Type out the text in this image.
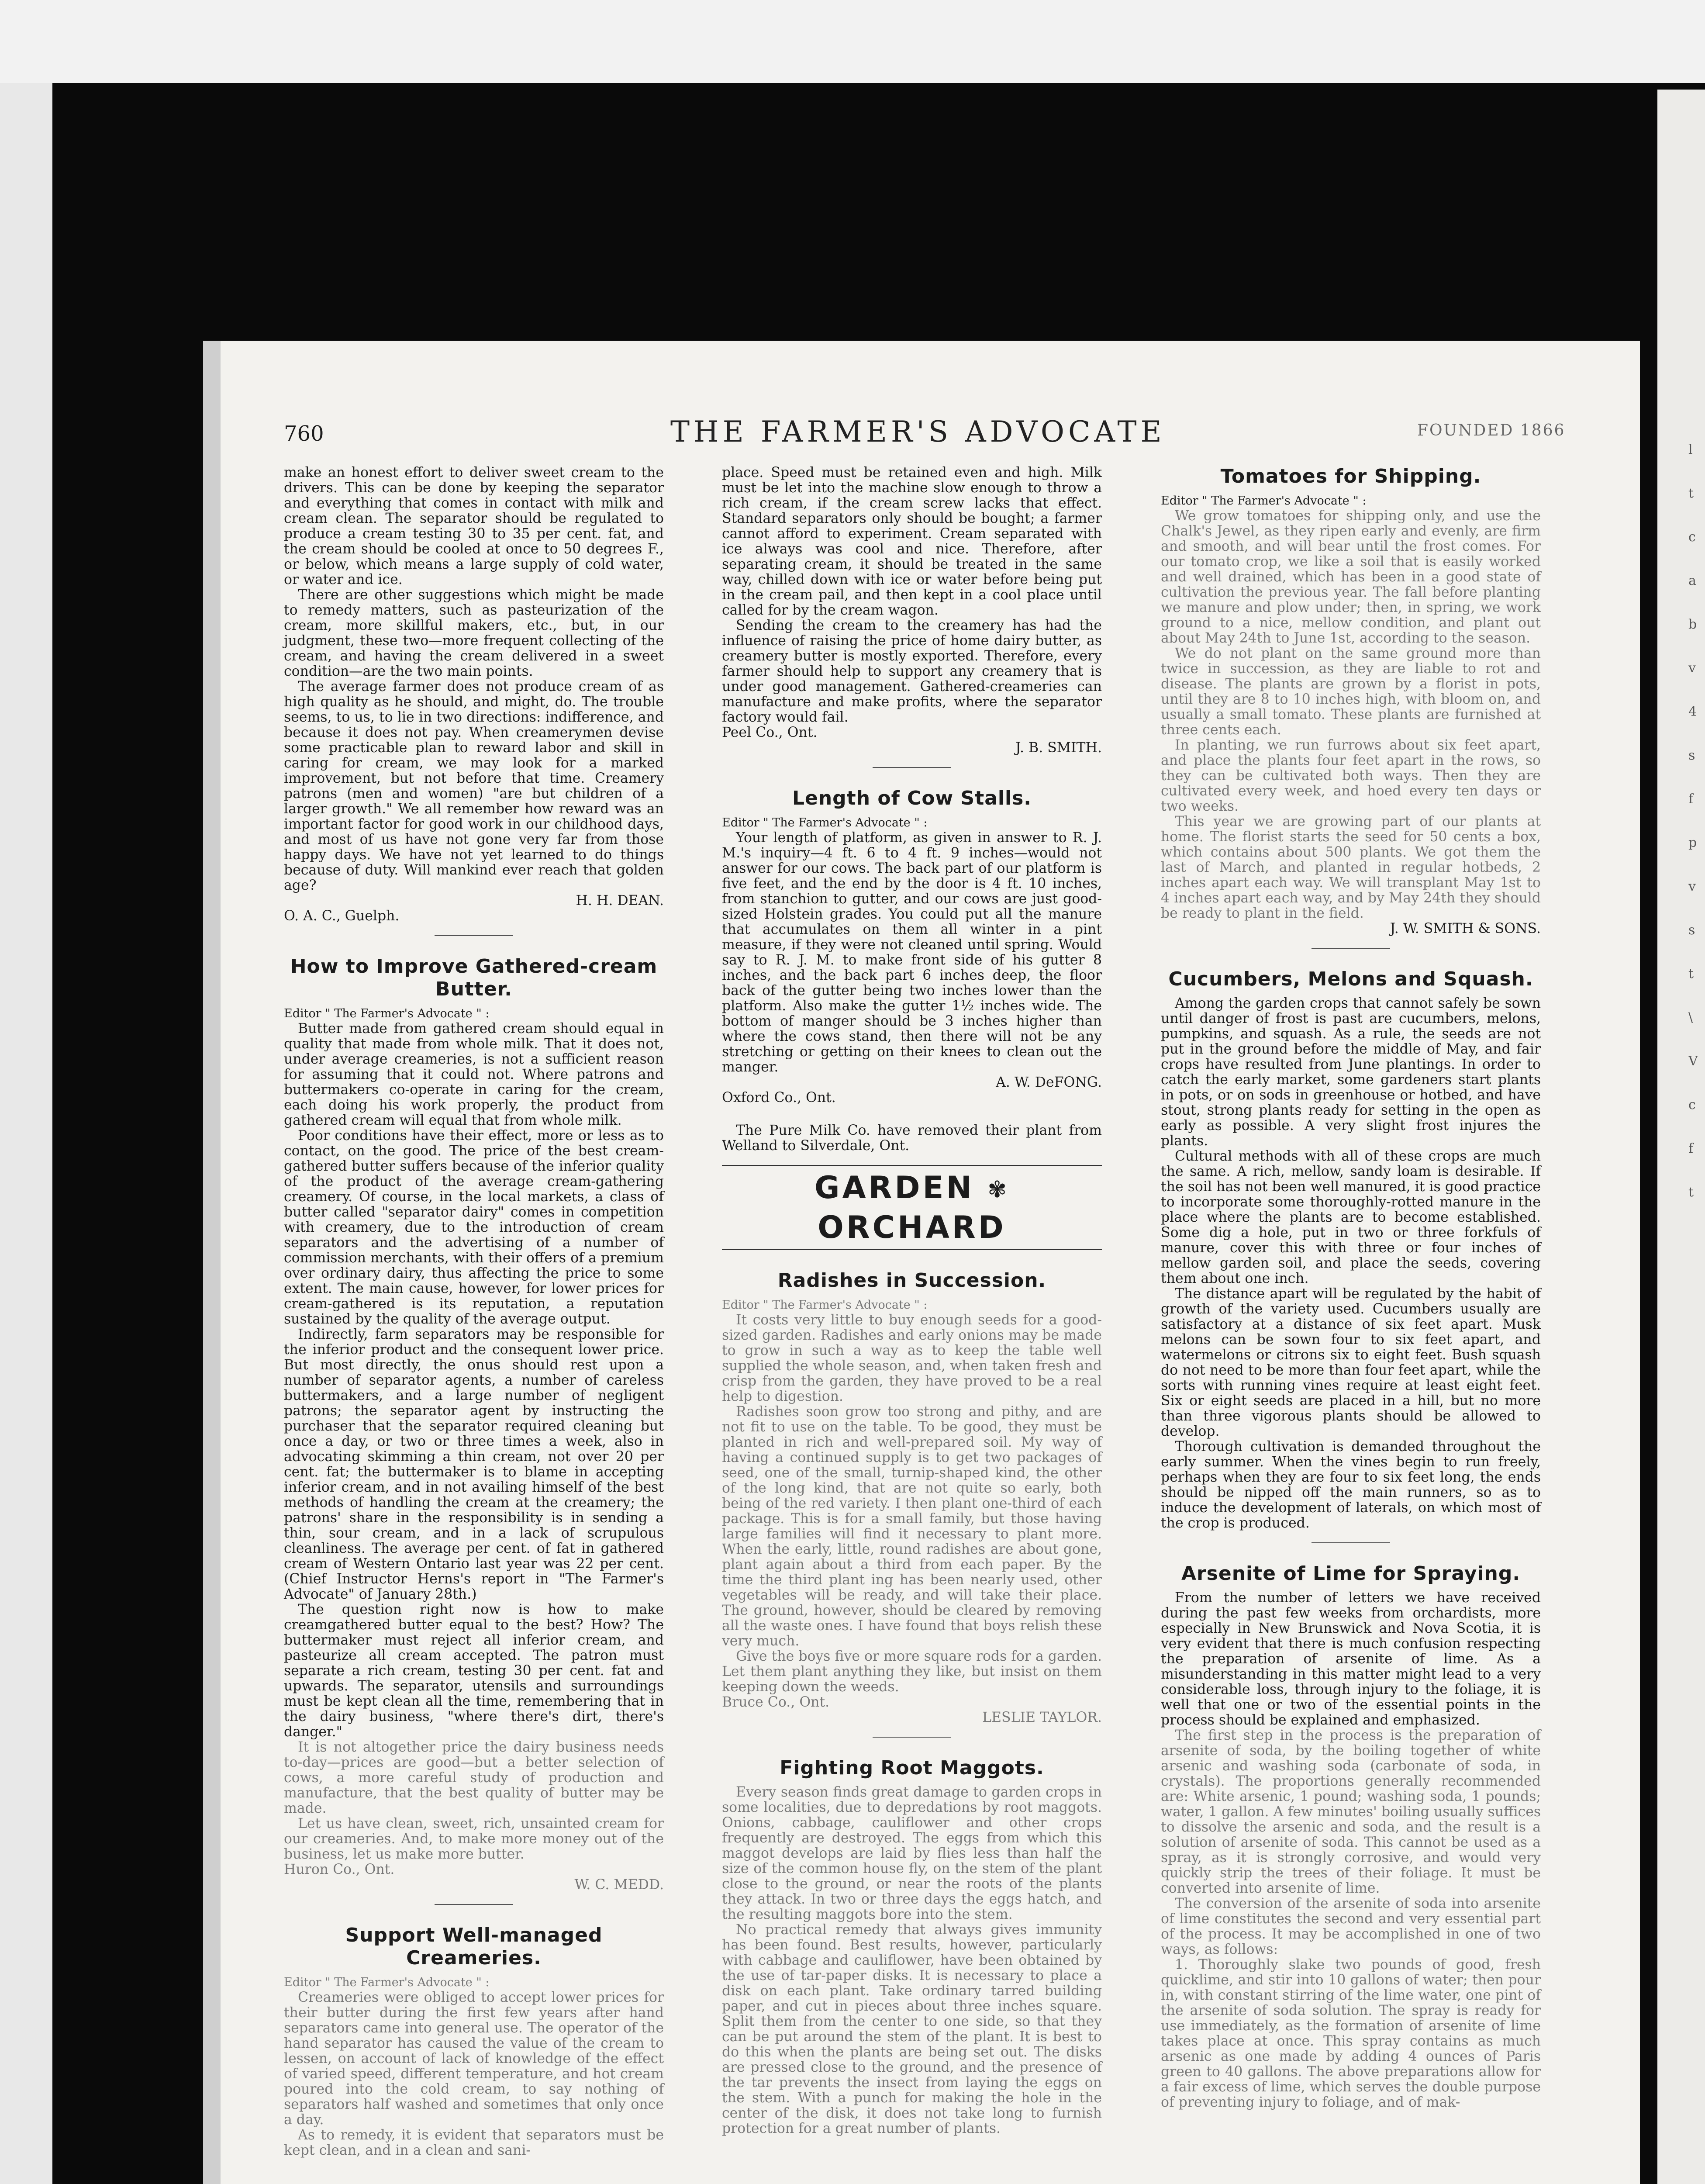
l
t
c
a
b
v
4
s
f
p
v
s
t
\
V
c
f
t
760	THE FARMER'S ADVOCATE	FOUNDED 1866

make an honest effort to deliver sweet cream to the drivers. This can be done by keeping the separator and everything that comes in contact with milk and cream clean. The separator should be regulated to produce a cream testing 30 to 35 per cent. fat, and the cream should be cooled at once to 50 degrees F., or below, which means a large supply of cold water, or water and ice.

There are other suggestions which might be made to remedy matters, such as pasteurization of the cream, more skillful makers, etc., but, in our judgment, these two—more frequent collecting of the cream, and having the cream delivered in a sweet condition—are the two main points.

The average farmer does not produce cream of as high quality as he should, and might, do. The trouble seems, to us, to lie in two directions: indifference, and because it does not pay. When creamerymen devise some practicable plan to reward labor and skill in caring for cream, we may look for a marked improvement, but not before that time. Creamery patrons (men and women) "are but children of a larger growth." We all remember how reward was an important factor for good work in our childhood days, and most of us have not gone very far from those happy days. We have not yet learned to do things because of duty. Will mankind ever reach that golden age?

H. H. DEAN.

O. A. C., Guelph.

How to Improve Gathered-cream Butter.

Editor " The Farmer's Advocate " :

Butter made from gathered cream should equal in quality that made from whole milk. That it does not, under average creameries, is not a sufficient reason for assuming that it could not. Where patrons and buttermakers co-operate in caring for the cream, each doing his work properly, the product from gathered cream will equal that from whole milk.

Poor conditions have their effect, more or less as to contact, on the good. The price of the best cream-gathered butter suffers because of the inferior quality of the product of the average cream-gathering creamery. Of course, in the local markets, a class of butter called "separator dairy" comes in competition with creamery, due to the introduction of cream separators and the advertising of a number of commission merchants, with their offers of a premium over ordinary dairy, thus affecting the price to some extent. The main cause, however, for lower prices for cream-gathered is its reputation, a reputation sustained by the quality of the average output.

Indirectly, farm separators may be responsible for the inferior product and the consequent lower price. But most directly, the onus should rest upon a number of separator agents, a number of careless buttermakers, and a large number of negligent patrons; the separator agent by instructing the purchaser that the separator required cleaning but once a day, or two or three times a week, also in advocating skimming a thin cream, not over 20 per cent. fat; the buttermaker is to blame in accepting inferior cream, and in not availing himself of the best methods of handling the cream at the creamery; the patrons' share in the responsibility is in sending a thin, sour cream, and in a lack of scrupulous cleanliness. The average per cent. of fat in gathered cream of Western Ontario last year was 22 per cent. (Chief Instructor Herns's report in "The Farmer's Advocate" of January 28th.)

The question right now is how to make creamgathered butter equal to the best? How? The buttermaker must reject all inferior cream, and pasteurize all cream accepted. The patron must separate a rich cream, testing 30 per cent. fat and upwards. The separator, utensils and surroundings must be kept clean all the time, remembering that in the dairy business, "where there's dirt, there's danger."

It is not altogether price the dairy business needs to-day—prices are good—but a better selection of cows, a more careful study of production and manufacture, that the best quality of butter may be made.

Let us have clean, sweet, rich, unsainted cream for our creameries. And, to make more money out of the business, let us make more butter.

Huron Co., Ont.

W. C. MEDD.

Support Well-managed Creameries.

Editor " The Farmer's Advocate " :

Creameries were obliged to accept lower prices for their butter during the first few years after hand separators came into general use. The operator of the hand separator has caused the value of the cream to lessen, on account of lack of knowledge of the effect of varied speed, different temperature, and hot cream poured into the cold cream, to say nothing of separators half washed and sometimes that only once a day.

As to remedy, it is evident that separators must be kept clean, and in a clean and sani-

place. Speed must be retained even and high. Milk must be let into the machine slow enough to throw a rich cream, if the cream screw lacks that effect. Standard separators only should be bought; a farmer cannot afford to experiment. Cream separated with ice always was cool and nice. Therefore, after separating cream, it should be treated in the same way, chilled down with ice or water before being put in the cream pail, and then kept in a cool place until called for by the cream wagon.

Sending the cream to the creamery has had the influence of raising the price of home dairy butter, as creamery butter is mostly exported. Therefore, every farmer should help to support any creamery that is under good management. Gathered-creameries can manufacture and make profits, where the separator factory would fail.

Peel Co., Ont.

J. B. SMITH.

Length of Cow Stalls.

Editor " The Farmer's Advocate " :

Your length of platform, as given in answer to R. J. M.'s inquiry—4 ft. 6 to 4 ft. 9 inches—would not answer for our cows. The back part of our platform is five feet, and the end by the door is 4 ft. 10 inches, from stanchion to gutter, and our cows are just good-sized Holstein grades. You could put all the manure that accumulates on them all winter in a pint measure, if they were not cleaned until spring. Would say to R. J. M. to make front side of his gutter 8 inches, and the back part 6 inches deep, the floor back of the gutter being two inches lower than the platform. Also make the gutter 1½ inches wide. The bottom of manger should be 3 inches higher than where the cows stand, then there will not be any stretching or getting on their knees to clean out the manger.

A. W. DeFONG.

Oxford Co., Ont.

The Pure Milk Co. have removed their plant from Welland to Silverdale, Ont.

GARDEN ✾ ORCHARD
Radishes in Succession.

Editor " The Farmer's Advocate " :

It costs very little to buy enough seeds for a good-sized garden. Radishes and early onions may be made to grow in such a way as to keep the table well supplied the whole season, and, when taken fresh and crisp from the garden, they have proved to be a real help to digestion.

Radishes soon grow too strong and pithy, and are not fit to use on the table. To be good, they must be planted in rich and well-prepared soil. My way of having a continued supply is to get two packages of seed, one of the small, turnip-shaped kind, the other of the long kind, that are not quite so early, both being of the red variety. I then plant one-third of each package. This is for a small family, but those having large families will find it necessary to plant more. When the early, little, round radishes are about gone, plant again about a third from each paper. By the time the third plant ing has been nearly used, other vegetables will be ready, and will take their place. The ground, however, should be cleared by removing all the waste ones. I have found that boys relish these very much.

Give the boys five or more square rods for a garden. Let them plant anything they like, but insist on them keeping down the weeds.

Bruce Co., Ont.

LESLIE TAYLOR.

Fighting Root Maggots.

Every season finds great damage to garden crops in some localities, due to depredations by root maggots. Onions, cabbage, cauliflower and other crops frequently are destroyed. The eggs from which this maggot develops are laid by flies less than half the size of the common house fly, on the stem of the plant close to the ground, or near the roots of the plants they attack. In two or three days the eggs hatch, and the resulting maggots bore into the stem.

No practical remedy that always gives immunity has been found. Best results, however, particularly with cabbage and cauliflower, have been obtained by the use of tar-paper disks. It is necessary to place a disk on each plant. Take ordinary tarred building paper, and cut in pieces about three inches square. Split them from the center to one side, so that they can be put around the stem of the plant. It is best to do this when the plants are being set out. The disks are pressed close to the ground, and the presence of the tar prevents the insect from laying the eggs on the stem. With a punch for making the hole in the center of the disk, it does not take long to furnish protection for a great number of plants.

Tomatoes for Shipping.

Editor " The Farmer's Advocate " :

We grow tomatoes for shipping only, and use the Chalk's Jewel, as they ripen early and evenly, are firm and smooth, and will bear until the frost comes. For our tomato crop, we like a soil that is easily worked and well drained, which has been in a good state of cultivation the previous year. The fall before planting we manure and plow under; then, in spring, we work ground to a nice, mellow condition, and plant out about May 24th to June 1st, according to the season.

We do not plant on the same ground more than twice in succession, as they are liable to rot and disease. The plants are grown by a florist in pots, until they are 8 to 10 inches high, with bloom on, and usually a small tomato. These plants are furnished at three cents each.

In planting, we run furrows about six feet apart, and place the plants four feet apart in the rows, so they can be cultivated both ways. Then they are cultivated every week, and hoed every ten days or two weeks.

This year we are growing part of our plants at home. The florist starts the seed for 50 cents a box, which contains about 500 plants. We got them the last of March, and planted in regular hotbeds, 2 inches apart each way. We will transplant May 1st to 4 inches apart each way, and by May 24th they should be ready to plant in the field.

J. W. SMITH & SONS.

Cucumbers, Melons and Squash.

Among the garden crops that cannot safely be sown until danger of frost is past are cucumbers, melons, pumpkins, and squash. As a rule, the seeds are not put in the ground before the middle of May, and fair crops have resulted from June plantings. In order to catch the early market, some gardeners start plants in pots, or on sods in greenhouse or hotbed, and have stout, strong plants ready for setting in the open as early as possible. A very slight frost injures the plants.

Cultural methods with all of these crops are much the same. A rich, mellow, sandy loam is desirable. If the soil has not been well manured, it is good practice to incorporate some thoroughly-rotted manure in the place where the plants are to become established. Some dig a hole, put in two or three forkfuls of manure, cover this with three or four inches of mellow garden soil, and place the seeds, covering them about one inch.

The distance apart will be regulated by the habit of growth of the variety used. Cucumbers usually are satisfactory at a distance of six feet apart. Musk melons can be sown four to six feet apart, and watermelons or citrons six to eight feet. Bush squash do not need to be more than four feet apart, while the sorts with running vines require at least eight feet. Six or eight seeds are placed in a hill, but no more than three vigorous plants should be allowed to develop.

Thorough cultivation is demanded throughout the early summer. When the vines begin to run freely, perhaps when they are four to six feet long, the ends should be nipped off the main runners, so as to induce the development of laterals, on which most of the crop is produced.

Arsenite of Lime for Spraying.

From the number of letters we have received during the past few weeks from orchardists, more especially in New Brunswick and Nova Scotia, it is very evident that there is much confusion respecting the preparation of arsenite of lime. As a misunderstanding in this matter might lead to a very considerable loss, through injury to the foliage, it is well that one or two of the essential points in the process should be explained and emphasized.

The first step in the process is the preparation of arsenite of soda, by the boiling together of white arsenic and washing soda (carbonate of soda, in crystals). The proportions generally recommended are: White arsenic, 1 pound; washing soda, 1 pounds; water, 1 gallon. A few minutes' boiling usually suffices to dissolve the arsenic and soda, and the result is a solution of arsenite of soda. This cannot be used as a spray, as it is strongly corrosive, and would very quickly strip the trees of their foliage. It must be converted into arsenite of lime.

The conversion of the arsenite of soda into arsenite of lime constitutes the second and very essential part of the process. It may be accomplished in one of two ways, as follows:

1. Thoroughly slake two pounds of good, fresh quicklime, and stir into 10 gallons of water; then pour in, with constant stirring of the lime water, one pint of the arsenite of soda solution. The spray is ready for use immediately, as the formation of arsenite of lime takes place at once. This spray contains as much arsenic as one made by adding 4 ounces of Paris green to 40 gallons. The above preparations allow for a fair excess of lime, which serves the double purpose of preventing injury to foliage, and of mak-
